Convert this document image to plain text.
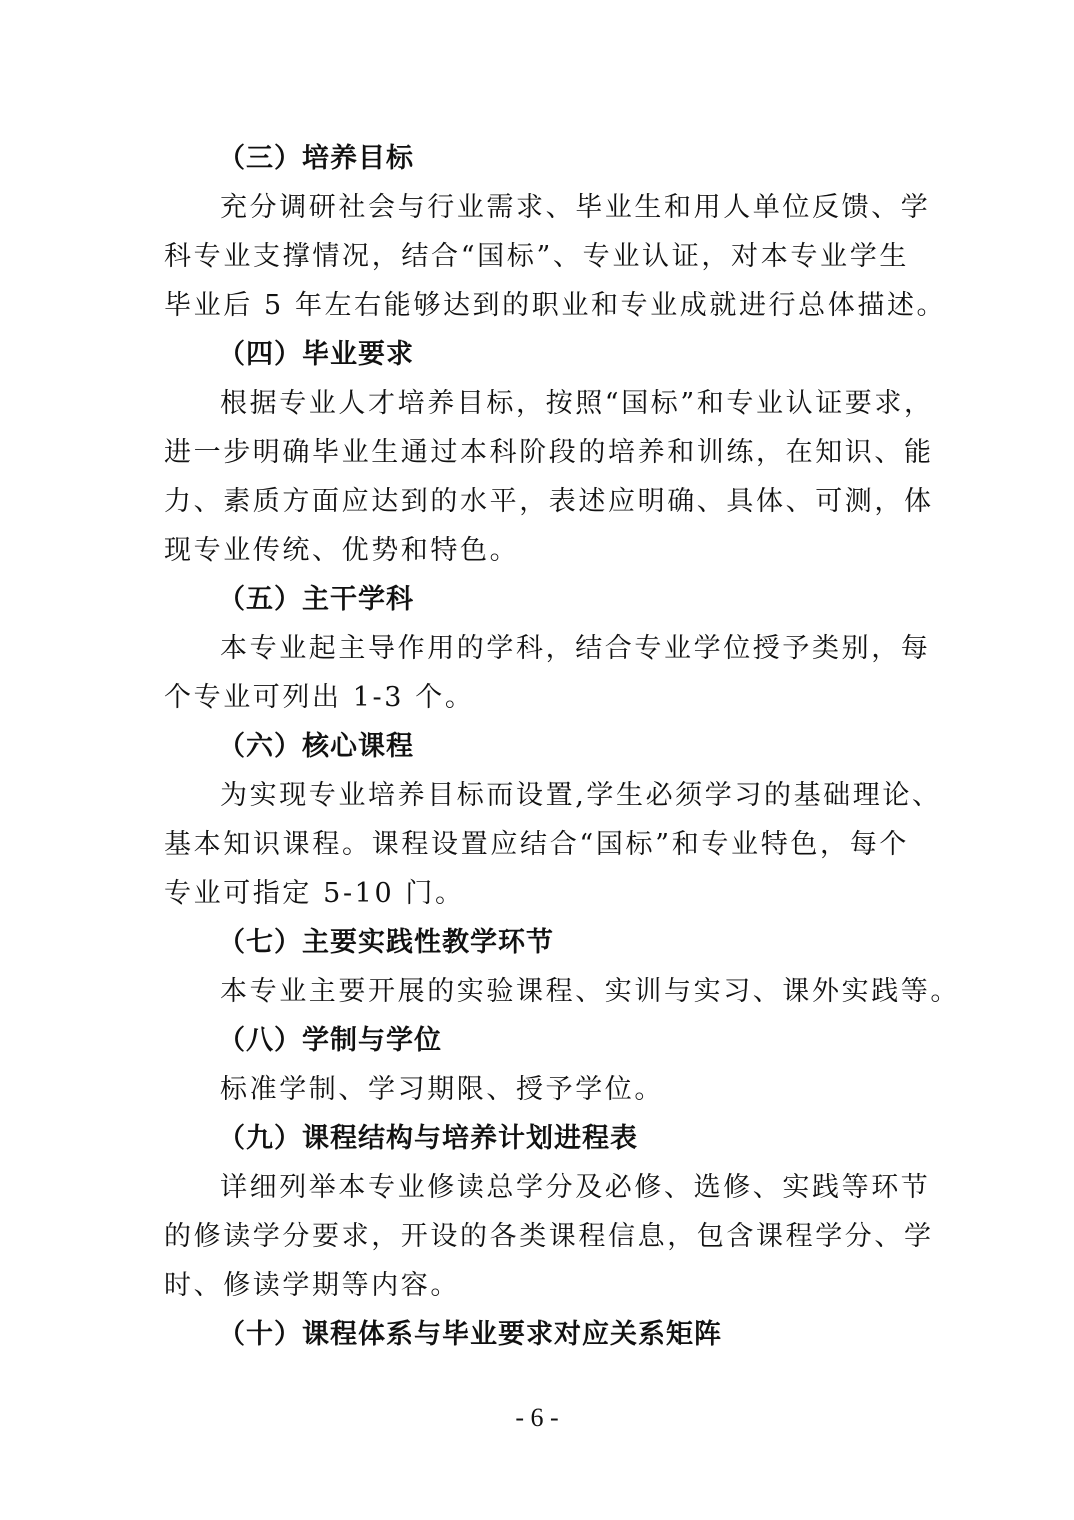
（三）培养目标
充分调研社会与行业需求、毕业生和用人单位反馈、学
科专业支撑情况，结合“国标”、专业认证，对本专业学生
毕业后 5 年左右能够达到的职业和专业成就进行总体描述。
（四）毕业要求
根据专业人才培养目标，按照“国标”和专业认证要求，
进一步明确毕业生通过本科阶段的培养和训练，在知识、能
力、素质方面应达到的水平，表述应明确、具体、可测，体
现专业传统、优势和特色。
（五）主干学科
本专业起主导作用的学科，结合专业学位授予类别，每
个专业可列出 1-3 个。
（六）核心课程
为实现专业培养目标而设置,学生必须学习的基础理论、
基本知识课程。课程设置应结合“国标”和专业特色，每个
专业可指定 5-10 门。
（七）主要实践性教学环节
本专业主要开展的实验课程、实训与实习、课外实践等。
（八）学制与学位
标准学制、学习期限、授予学位。
（九）课程结构与培养计划进程表
详细列举本专业修读总学分及必修、选修、实践等环节
的修读学分要求，开设的各类课程信息，包含课程学分、学
时、修读学期等内容。
（十）课程体系与毕业要求对应关系矩阵
- 6 -
